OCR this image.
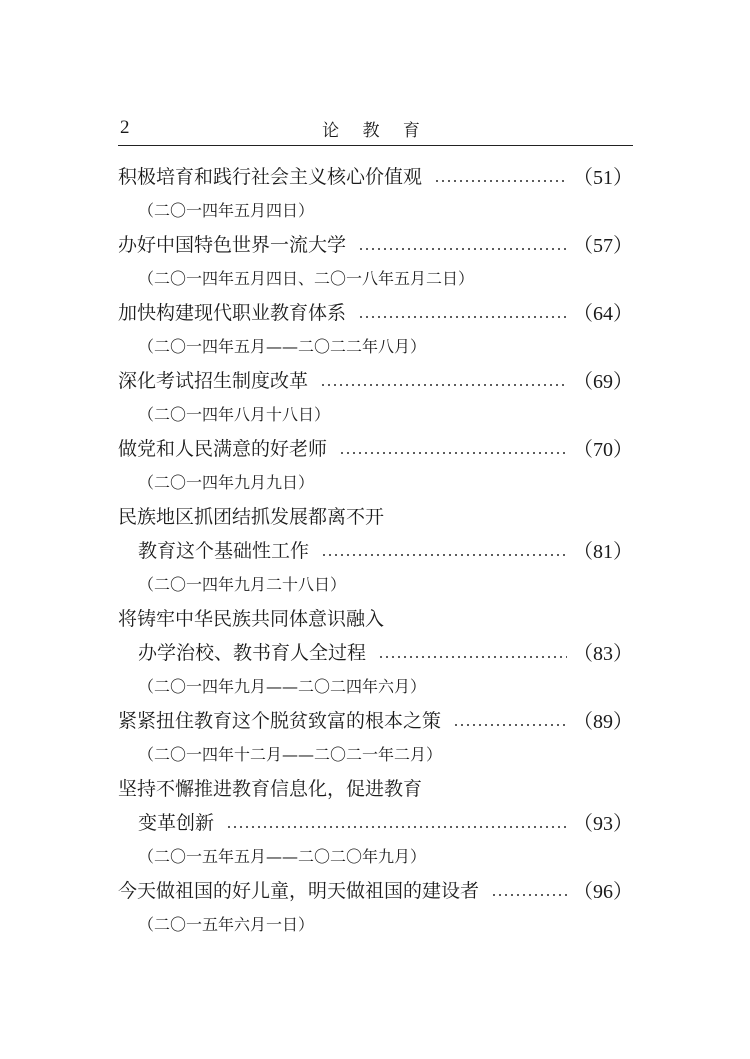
2	论 教 育
积极培育和践行社会主义核心价值观	（51）
（二〇一四年五月四日）
办好中国特色世界一流大学	（57）
（二〇一四年五月四日、二〇一八年五月二日）
加快构建现代职业教育体系	（64）
（二〇一四年五月——二〇二二年八月）
深化考试招生制度改革	（69）
（二〇一四年八月十八日）
做党和人民满意的好老师	（70）
（二〇一四年九月九日）
民族地区抓团结抓发展都离不开
教育这个基础性工作	（81）
（二〇一四年九月二十八日）
将铸牢中华民族共同体意识融入
办学治校、教书育人全过程	（83）
（二〇一四年九月——二〇二四年六月）
紧紧扭住教育这个脱贫致富的根本之策	（89）
（二〇一四年十二月——二〇二一年二月）
坚持不懈推进教育信息化，促进教育
变革创新	（93）
（二〇一五年五月——二〇二〇年九月）
今天做祖国的好儿童，明天做祖国的建设者	（96）
（二〇一五年六月一日）
